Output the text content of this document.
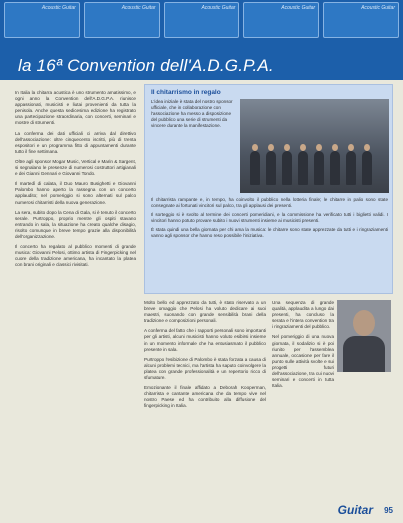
Acoustic Guitar	Acoustic Guitar	Acoustic Guitar	Acoustic Guitar	Acoustic Guitar
la 16ª Convention dell'A.D.G.P.A.

In Italia la chitarra acustica è uno strumento amatissimo, e ogni anno la Convention dell'A.D.G.P.A. riunisce appassionati, musicisti e liutai provenienti da tutta la penisola. Anche questa sedicesima edizione ha registrato una partecipazione straordinaria, con concerti, seminari e mostre di strumenti.

La conferma dei dati ufficiali ci arriva dal direttivo dell'associazione: oltre cinquecento iscritti, più di trenta espositori e un programma fitto di appuntamenti durante tutto il fine settimana.

Oltre agli sponsor Mogar Music, Vertical e Marin & Sargent, si segnalano le presenze di numerosi costruttori artigianali e dei Gianni Gennari e Giovanni Tondo.

Il martedì di calata, il Duo Mauro Busighetti e Giovanni Palombo hanno aperto la rassegna con un concerto applaudito; nel pomeriggio si sono alternati sul palco numerosi chitarristi della nuova generazione.

La sera, subito dopo la Cena di Gala, si è tenuto il concerto serale. Purtroppo, proprio mentre gli ospiti stavano entrando in sala, la situazione ha creato qualche disagio, risolto comunque in breve tempo grazie alla disponibilità dell'organizzazione.

Il concerto ha regalato al pubblico momenti di grande musica: Giovanni Pelosi, ottimo artista di Fingerpicking nel cuore della tradizione americana, ha incantato la platea con brani originali e classici rivisitati.

Il chitarrismo in regalo
L'idea iniziale è stata del nostro sponsor ufficiale, che in collaborazione con l'associazione ha messo a disposizione del pubblico una serie di strumenti da vincere durante la manifestazione.

Il chitarrista rampante e, in tempo, ha coinvolto il pubblico nella lotteria finale; le chitarre in palio sono state consegnate ai fortunati vincitori sul palco, tra gli applausi dei presenti.

Il sorteggio si è svolto al termine dei concerti pomeridiani, e la commissione ha verificato tutti i biglietti validi. I vincitori hanno potuto provare subito i nuovi strumenti insieme ai musicisti presenti.

È stata quindi una bella giornata per chi ama la musica: le chitarre sono state apprezzate da tutti e i ringraziamenti vanno agli sponsor che hanno reso possibile l'iniziativa.

Molto bello ed apprezzato da tutti, è stato riservato a un breve omaggio che Pelosi ha voluto dedicare ai suoi maestri, suonando con grande sensibilità brani della tradizione e composizioni personali.

A conferma del fatto che i rapporti personali sono importanti per gli artisti, alcuni musicisti hanno voluto esibirsi insieme in un momento informale che ha entusiasmato il pubblico presente in sala.

Purtroppo l'esibizione di Palombo è stata forzata a causa di alcuni problemi tecnici, ma l'artista ha saputo coinvolgere la platea con grande professionalità e un repertorio ricco di sfumature.

Emozionante il finale affidato a Deborah Kooperman, chitarrista e cantante americana che da tempo vive nel nostro Paese ed ha contribuito alla diffusione del fingerpicking in Italia.

Una sequenza di grande qualità, applaudita a lungo dai presenti, ha concluso la serata e l'intera convention tra i ringraziamenti del pubblico.

Nel pomeriggio di una nuova giornata, il sodalizio si è poi riunito per l'assemblea annuale, occasione per fare il punto sulle attività svolte e sui progetti futuri dell'associazione, tra cui nuovi seminari e concerti in tutta Italia.

Guitar 95
